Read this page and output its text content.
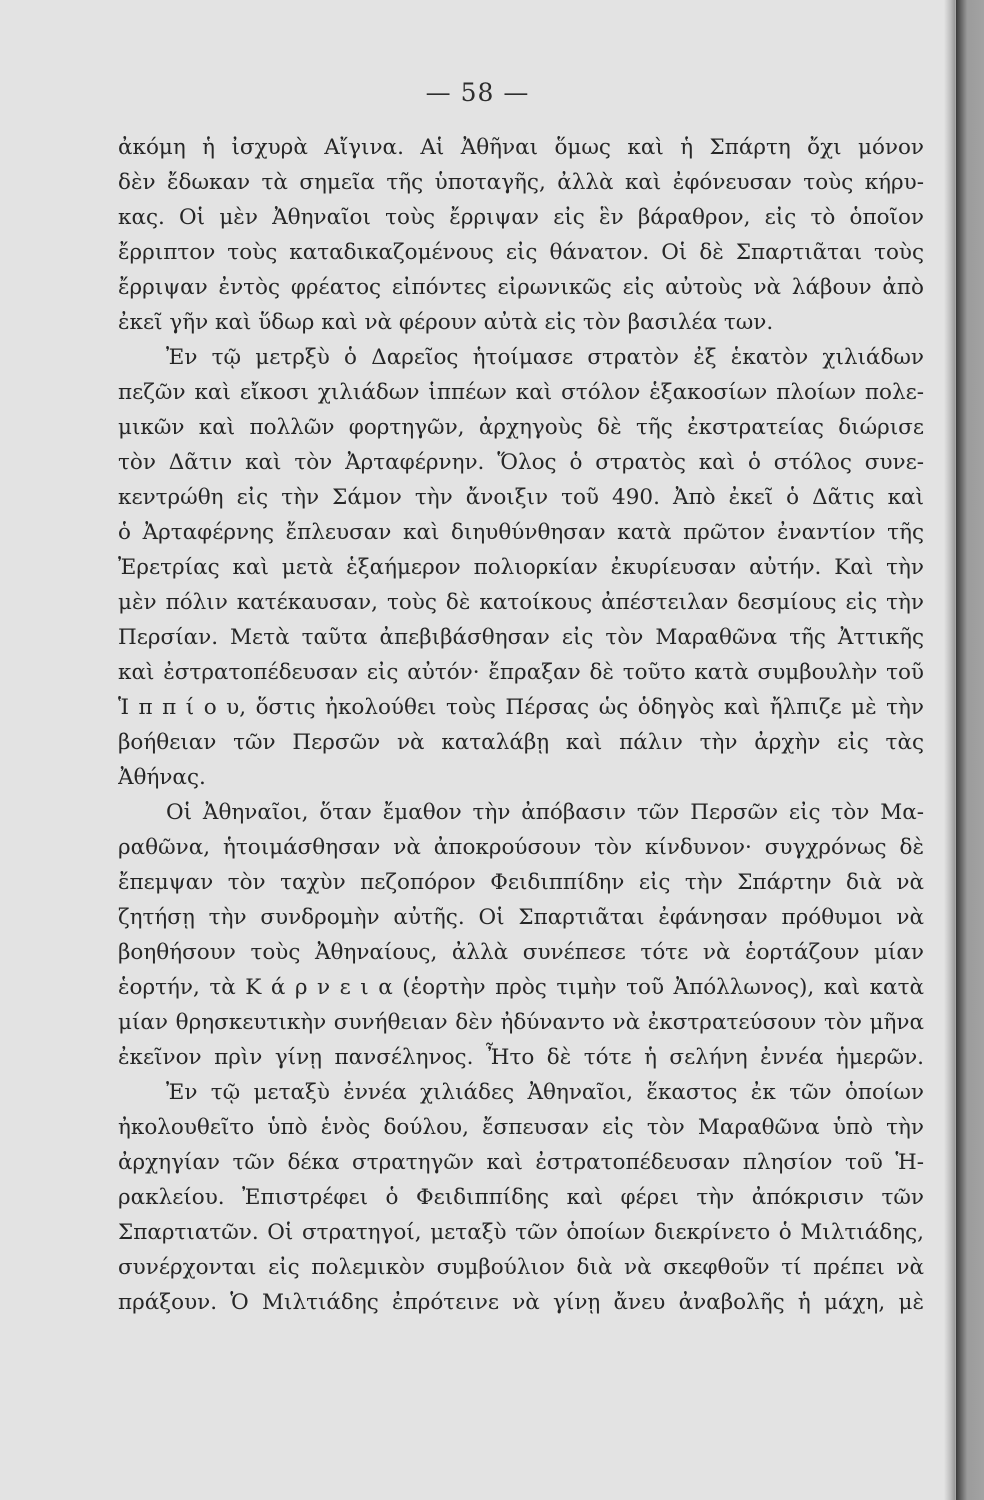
— 58 —

ἀκόμη ἡ ἰσχυρὰ Αἴγινα. Αἱ Ἀθῆναι ὅμως καὶ ἡ Σπάρτη ὄχι μόνον
δὲν ἔδωκαν τὰ σημεῖα τῆς ὑποταγῆς, ἀλλὰ καὶ ἐφόνευσαν τοὺς κήρυ-
κας. Οἱ μὲν Ἀθηναῖοι τοὺς ἔρριψαν εἰς ἓν βάραθρον, εἰς τὸ ὁποῖον
ἔρριπτον τοὺς καταδικαζομένους εἰς θάνατον. Οἱ δὲ Σπαρτιᾶται τοὺς
ἔρριψαν ἐντὸς φρέατος εἰπόντες εἰρωνικῶς εἰς αὐτοὺς νὰ λάβουν ἀπὸ
ἐκεῖ γῆν καὶ ὕδωρ καὶ νὰ φέρουν αὐτὰ εἰς τὸν βασιλέα των.
Ἐν τῷ μετρξὺ ὁ Δαρεῖος ἡτοίμασε στρατὸν ἐξ ἑκατὸν χιλιάδων
πεζῶν καὶ εἴκοσι χιλιάδων ἱππέων καὶ στόλον ἑξακοσίων πλοίων πολε-
μικῶν καὶ πολλῶν φορτηγῶν, ἀρχηγοὺς δὲ τῆς ἐκστρατείας διώρισε
τὸν Δᾶτιν καὶ τὸν Ἀρταφέρνην. Ὅλος ὁ στρατὸς καὶ ὁ στόλος συνε-
κεντρώθη εἰς τὴν Σάμον τὴν ἄνοιξιν τοῦ 490. Ἀπὸ ἐκεῖ ὁ Δᾶτις καὶ
ὁ Ἀρταφέρνης ἔπλευσαν καὶ διηυθύνθησαν κατὰ πρῶτον ἐναντίον τῆς
Ἐρετρίας καὶ μετὰ ἑξαήμερον πολιορκίαν ἐκυρίευσαν αὐτήν. Καὶ τὴν
μὲν πόλιν κατέκαυσαν, τοὺς δὲ κατοίκους ἀπέστειλαν δεσμίους εἰς τὴν
Περσίαν. Μετὰ ταῦτα ἀπεβιβάσθησαν εἰς τὸν Μαραθῶνα τῆς Ἀττικῆς
καὶ ἐστρατοπέδευσαν εἰς αὐτόν· ἔπραξαν δὲ τοῦτο κατὰ συμβουλὴν τοῦ
Ἱ π π ί ο υ, ὅστις ἠκολούθει τοὺς Πέρσας ὡς ὁδηγὸς καὶ ἤλπιζε μὲ τὴν
βοήθειαν τῶν Περσῶν νὰ καταλάβῃ καὶ πάλιν τὴν ἀρχὴν εἰς τὰς
Ἀθήνας.
Οἱ Ἀθηναῖοι, ὅταν ἔμαθον τὴν ἀπόβασιν τῶν Περσῶν εἰς τὸν Μα-
ραθῶνα, ἡτοιμάσθησαν νὰ ἀποκρούσουν τὸν κίνδυνον· συγχρόνως δὲ
ἔπεμψαν τὸν ταχὺν πεζοπόρον Φειδιππίδην εἰς τὴν Σπάρτην διὰ νὰ
ζητήσῃ τὴν συνδρομὴν αὐτῆς. Οἱ Σπαρτιᾶται ἐφάνησαν πρόθυμοι νὰ
βοηθήσουν τοὺς Ἀθηναίους, ἀλλὰ συνέπεσε τότε νὰ ἑορτάζουν μίαν
ἑορτήν, τὰ Κ ά ρ ν ε ι α (ἑορτὴν πρὸς τιμὴν τοῦ Ἀπόλλωνος), καὶ κατὰ
μίαν θρησκευτικὴν συνήθειαν δὲν ἠδύναντο νὰ ἐκστρατεύσουν τὸν μῆνα
ἐκεῖνον πρὶν γίνῃ πανσέληνος. Ἦτο δὲ τότε ἡ σελήνη ἐννέα ἡμερῶν.
Ἐν τῷ μεταξὺ ἐννέα χιλιάδες Ἀθηναῖοι, ἕκαστος ἐκ τῶν ὁποίων
ἠκολουθεῖτο ὑπὸ ἑνὸς δούλου, ἔσπευσαν εἰς τὸν Μαραθῶνα ὑπὸ τὴν
ἀρχηγίαν τῶν δέκα στρατηγῶν καὶ ἐστρατοπέδευσαν πλησίον τοῦ Ἡ-
ρακλείου. Ἐπιστρέφει ὁ Φειδιππίδης καὶ φέρει τὴν ἀπόκρισιν τῶν
Σπαρτιατῶν. Οἱ στρατηγοί, μεταξὺ τῶν ὁποίων διεκρίνετο ὁ Μιλτιάδης,
συνέρχονται εἰς πολεμικὸν συμβούλιον διὰ νὰ σκεφθοῦν τί πρέπει νὰ
πράξουν. Ὁ Μιλτιάδης ἐπρότεινε νὰ γίνῃ ἄνευ ἀναβολῆς ἡ μάχη, μὲ
